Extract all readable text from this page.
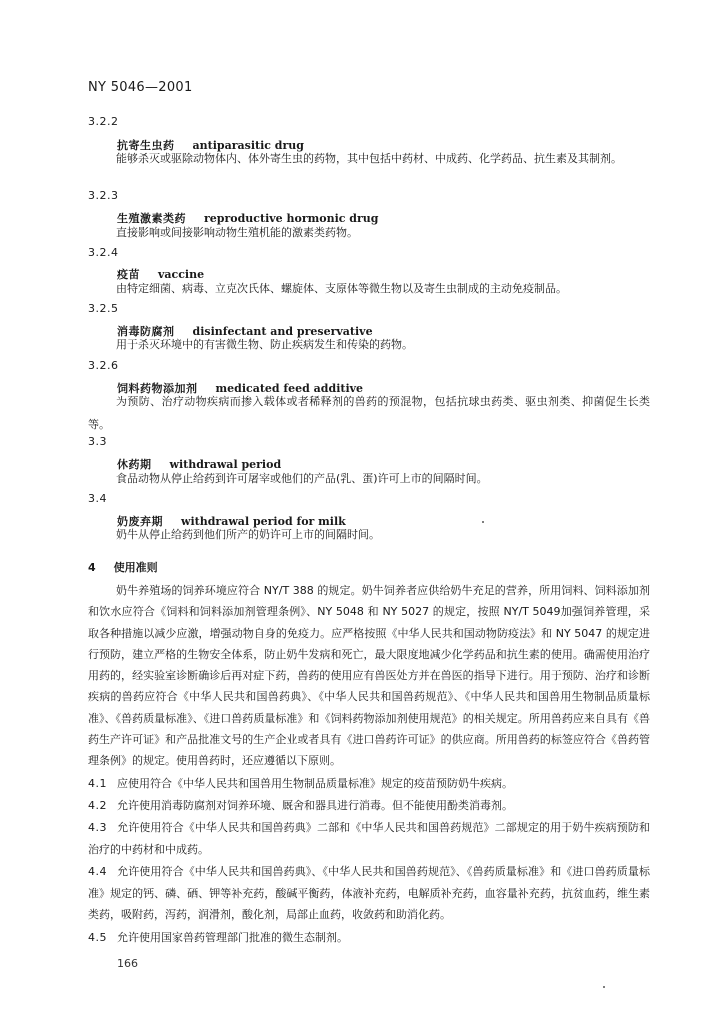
NY 5046—2001
3.2.2
抗寄生虫药 antiparasitic drug
能够杀灭或驱除动物体内、体外寄生虫的药物，其中包括中药材、中成药、化学药品、抗生素及其制剂。
3.2.3
生殖激素类药 reproductive hormonic drug
直接影响或间接影响动物生殖机能的激素类药物。
3.2.4
疫苗 vaccine
由特定细菌、病毒、立克次氏体、螺旋体、支原体等微生物以及寄生虫制成的主动免疫制品。
3.2.5
消毒防腐剂 disinfectant and preservative
用于杀灭环境中的有害微生物、防止疾病发生和传染的药物。
3.2.6
饲料药物添加剂 medicated feed additive
为预防、治疗动物疾病而掺入载体或者稀释剂的兽药的预混物，包括抗球虫药类、驱虫剂类、抑菌促生长类等。
3.3
休药期 withdrawal period
食品动物从停止给药到许可屠宰或他们的产品(乳、蛋)许可上市的间隔时间。
3.4
奶废弃期 withdrawal period for milk
奶牛从停止给药到他们所产的奶许可上市的间隔时间。
4 使用准则
奶牛养殖场的饲养环境应符合 NY/T 388 的规定。奶牛饲养者应供给奶牛充足的营养，所用饲料、饲料添加剂和饮水应符合《饲料和饲料添加剂管理条例》、NY 5048 和 NY 5027 的规定，按照 NY/T 5049加强饲养管理，采取各种措施以减少应激，增强动物自身的免疫力。应严格按照《中华人民共和国动物防疫法》和 NY 5047 的规定进行预防，建立严格的生物安全体系，防止奶牛发病和死亡，最大限度地减少化学药品和抗生素的使用。确需使用治疗用药的，经实验室诊断确诊后再对症下药，兽药的使用应有兽医处方并在兽医的指导下进行。用于预防、治疗和诊断疾病的兽药应符合《中华人民共和国兽药典》、《中华人民共和国兽药规范》、《中华人民共和国兽用生物制品质量标准》、《兽药质量标准》、《进口兽药质量标准》和《饲料药物添加剂使用规范》的相关规定。所用兽药应来自具有《兽药生产许可证》和产品批准文号的生产企业或者具有《进口兽药许可证》的供应商。所用兽药的标签应符合《兽药管理条例》的规定。使用兽药时，还应遵循以下原则。
4.1 应使用符合《中华人民共和国兽用生物制品质量标准》规定的疫苗预防奶牛疾病。
4.2 允许使用消毒防腐剂对饲养环境、厩舍和器具进行消毒。但不能使用酚类消毒剂。
4.3 允许使用符合《中华人民共和国兽药典》二部和《中华人民共和国兽药规范》二部规定的用于奶牛疾病预防和治疗的中药材和中成药。
4.4 允许使用符合《中华人民共和国兽药典》、《中华人民共和国兽药规范》、《兽药质量标准》和《进口兽药质量标准》规定的钙、磷、硒、钾等补充药，酸碱平衡药，体液补充药，电解质补充药，血容量补充药，抗贫血药，维生素类药，吸附药，泻药，润滑剂，酸化剂，局部止血药，收敛药和助消化药。
4.5 允许使用国家兽药管理部门批准的微生态制剂。
166
